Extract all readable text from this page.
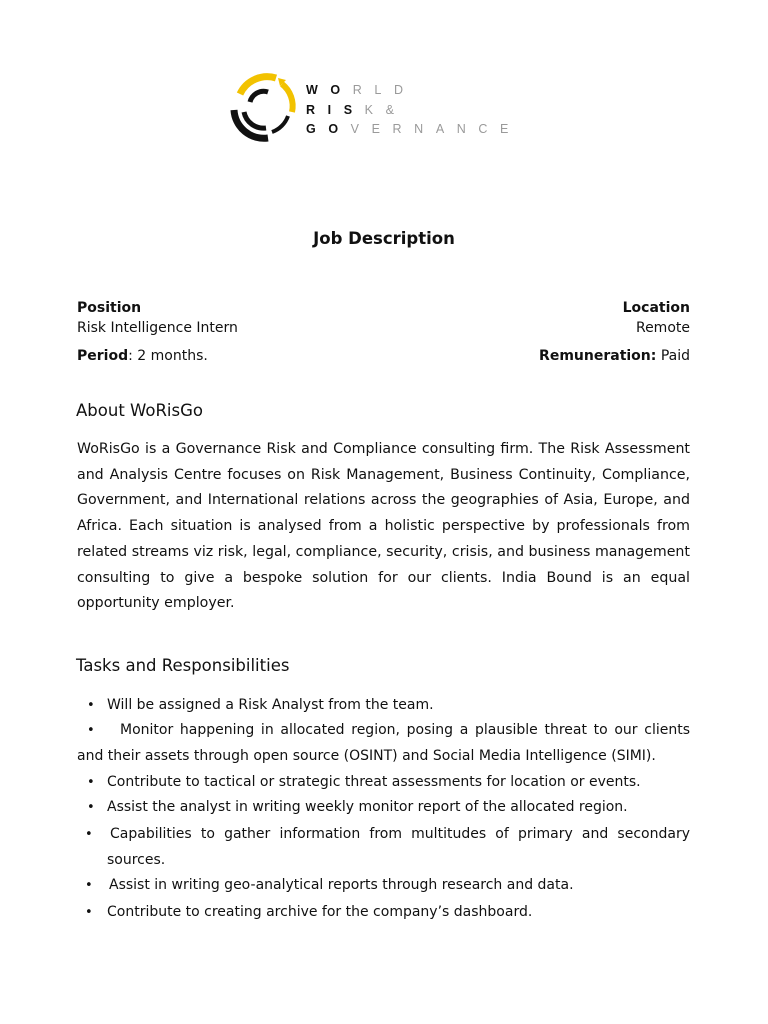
WORLD
RISK&
GOVERNANCE
Job Description
Position	Location
Risk Intelligence Intern	Remote
Period: 2 months.	Remuneration: Paid
About WoRisGo
WoRisGo is a Governance Risk and Compliance consulting firm. The Risk Assessment and Analysis Centre focuses on Risk Management, Business Continuity, Compliance, Government, and International relations across the geographies of Asia, Europe, and Africa. Each situation is analysed from a holistic perspective by professionals from related streams viz risk, legal, compliance, security, crisis, and business management consulting to give a bespoke solution for our clients. India Bound is an equal opportunity employer.
Tasks and Responsibilities
• Will be assigned a Risk Analyst from the team.
•	Monitor happening in allocated region, posing a plausible threat to our clients and their assets through open source (OSINT) and Social Media Intelligence (SIMI).
• Contribute to tactical or strategic threat assessments for location or events.
• Assist the analyst in writing weekly monitor report of the allocated region.
•	Capabilities to gather information from multitudes of primary and secondary sources.
•	Assist in writing geo-analytical reports through research and data.
•	Contribute to creating archive for the company’s dashboard.
